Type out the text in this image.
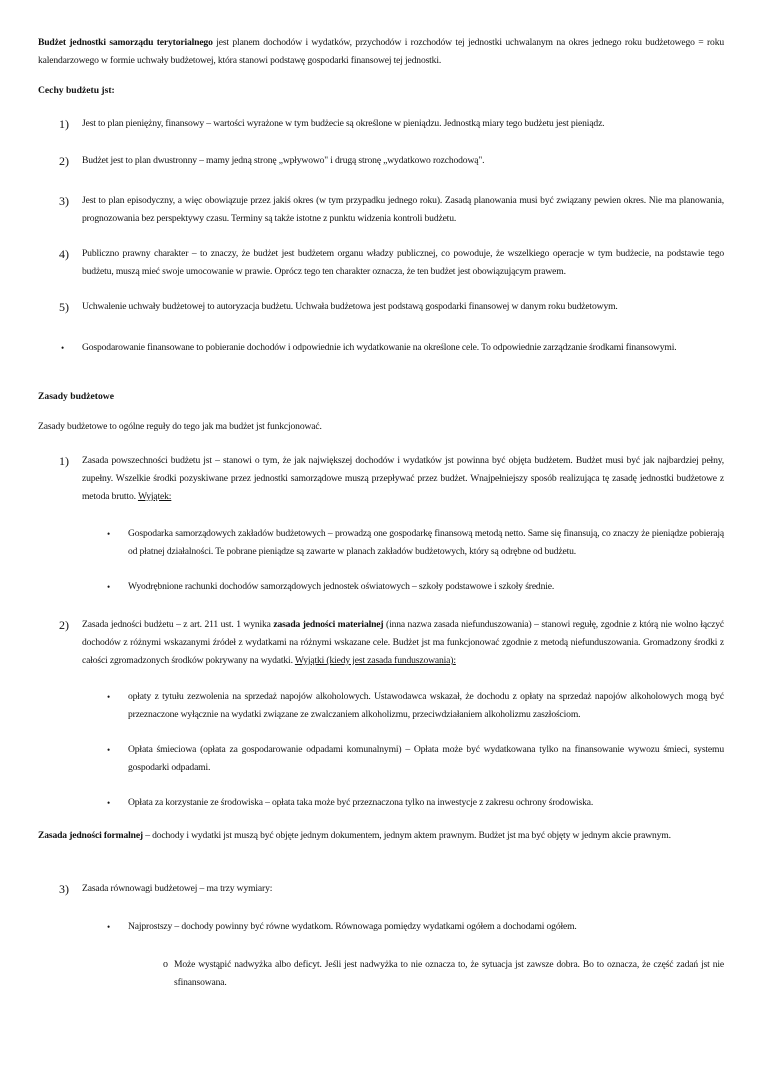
Budżet jednostki samorządu terytorialnego jest planem dochodów i wydatków, przychodów i rozchodów tej jednostki uchwalanym na okres jednego roku budżetowego = roku kalendarzowego w formie uchwały budżetowej, która stanowi podstawę gospodarki finansowej tej jednostki.

Cechy budżetu jst:
1) Jest to plan pieniężny, finansowy – wartości wyrażone w tym budżecie są określone w pieniądzu. Jednostką miary tego budżetu jest pieniądz.

2) Budżet jest to plan dwustronny – mamy jedną stronę „wpływowo" i drugą stronę „wydatkowo rozchodową".

3) Jest to plan episodyczny, a więc obowiązuje przez jakiś okres (w tym przypadku jednego roku). Zasadą planowania musi być związany pewien okres. Nie ma planowania, prognozowania bez perspektywy czasu. Terminy są także istotne z punktu widzenia kontroli budżetu.

4) Publiczno prawny charakter – to znaczy, że budżet jest budżetem organu władzy publicznej, co powoduje, że wszelkiego operacje w tym budżecie, na podstawie tego budżetu, muszą mieć swoje umocowanie w prawie. Oprócz tego ten charakter oznacza, że ten budżet jest obowiązującym prawem.

5) Uchwalenie uchwały budżetowej to autoryzacja budżetu. Uchwała budżetowa jest podstawą gospodarki finansowej w danym roku budżetowym.

• Gospodarowanie finansowane to pobieranie dochodów i odpowiednie ich wydatkowanie na określone cele. To odpowiednie zarządzanie środkami finansowymi.

Zasady budżetowe

Zasady budżetowe to ogólne reguły do tego jak ma budżet jst funkcjonować.

1) Zasada powszechności budżetu jst – stanowi o tym, że jak największej dochodów i wydatków jst powinna być objęta budżetem. Budżet musi być jak najbardziej pełny, zupełny. Wszelkie środki pozyskiwane przez jednostki samorządowe muszą przepływać przez budżet. Wnajpełniejszy sposób realizująca tę zasadę jednostki budżetowe z metoda brutto. Wyjątek:

• Gospodarka samorządowych zakładów budżetowych – prowadzą one gospodarkę finansową metodą netto. Same się finansują, co znaczy że pieniądze pobierają od płatnej działalności. Te pobrane pieniądze są zawarte w planach zakładów budżetowych, który są odrębne od budżetu.

• Wyodrębnione rachunki dochodów samorządowych jednostek oświatowych – szkoły podstawowe i szkoły średnie.

2) Zasada jedności budżetu – z art. 211 ust. 1 wynika zasada jedności materialnej (inna nazwa zasada niefunduszowania) – stanowi regułę, zgodnie z którą nie wolno łączyć dochodów z różnymi wskazanymi źródeł z wydatkami na różnymi wskazane cele. Budżet jst ma funkcjonować zgodnie z metodą niefunduszowania. Gromadzony środki z całości zgromadzonych środków pokrywany na wydatki. Wyjątki (kiedy jest zasada funduszowania):

• opłaty z tytułu zezwolenia na sprzedaż napojów alkoholowych. Ustawodawca wskazał, że dochodu z opłaty na sprzedaż napojów alkoholowych mogą być przeznaczone wyłącznie na wydatki związane ze zwalczaniem alkoholizmu, przeciwdziałaniem alkoholizmu zaszłościom.

• Opłata śmieciowa (opłata za gospodarowanie odpadami komunalnymi) – Opłata może być wydatkowana tylko na finansowanie wywozu śmieci, systemu gospodarki odpadami.

• Opłata za korzystanie ze środowiska – opłata taka może być przeznaczona tylko na inwestycje z zakresu ochrony środowiska.

Zasada jedności formalnej – dochody i wydatki jst muszą być objęte jednym dokumentem, jednym aktem prawnym. Budżet jst ma być objęty w jednym akcie prawnym.

3) Zasada równowagi budżetowej – ma trzy wymiary:

• Najprostszy – dochody powinny być równe wydatkom. Równowaga pomiędzy wydatkami ogółem a dochodami ogółem.

o Może wystąpić nadwyżka albo deficyt. Jeśli jest nadwyżka to nie oznacza to, że sytuacja jst zawsze dobra. Bo to oznacza, że część zadań jst nie sfinansowana.
